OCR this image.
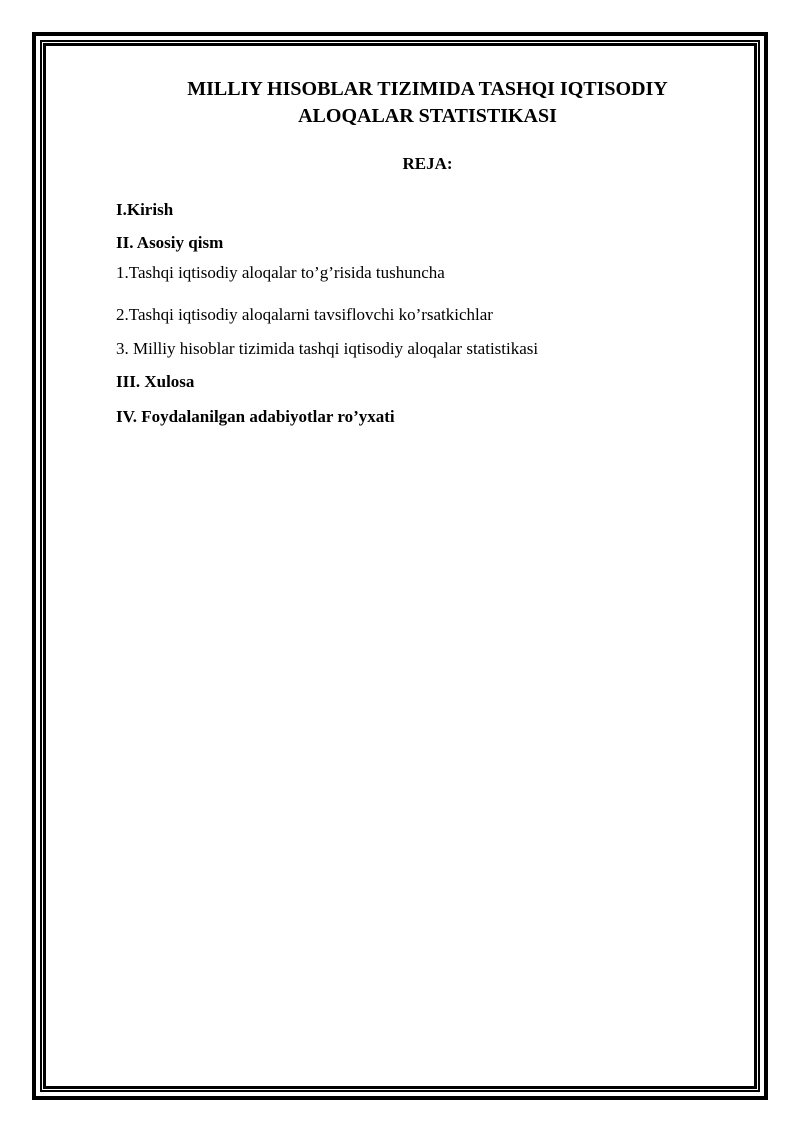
MILLIY HISOBLAR TIZIMIDA TASHQI IQTISODIY
ALOQALAR STATISTIKASI
REJA:
I.Kirish
II. Asosiy qism
1.Tashqi iqtisodiy aloqalar to’g’risida tushuncha
2.Tashqi iqtisodiy aloqalarni tavsiflovchi ko’rsatkichlar
3. Milliy hisoblar tizimida tashqi iqtisodiy aloqalar statistikasi
III. Xulosa
IV. Foydalanilgan adabiyotlar ro’yxati
